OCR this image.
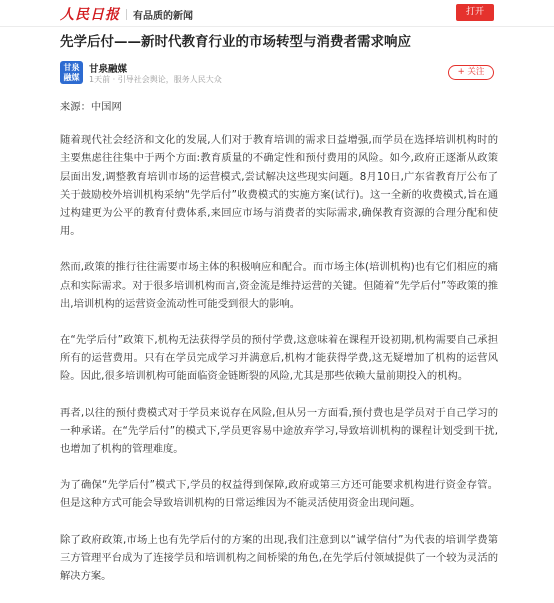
人民日报 有品质的新闻	打开
先学后付——新时代教育行业的市场转型与消费者需求响应
甘泉融媒
甘泉融媒
1天前 · 引导社会舆论，服务人民大众
+ 关注

来源：中国网

随着现代社会经济和文化的发展,人们对于教育培训的需求日益增强,而学员在选择培训机构时的主要焦虑往往集中于两个方面:教育质量的不确定性和预付费用的风险。如今,政府正逐渐从政策层面出发,调整教育培训市场的运营模式,尝试解决这些现实问题。8月10日,广东省教育厅公布了关于鼓励校外培训机构采纳“先学后付”收费模式的实施方案(试行)。这一全新的收费模式,旨在通过构建更为公平的教育付费体系,来回应市场与消费者的实际需求,确保教育资源的合理分配和使用。

然而,政策的推行往往需要市场主体的积极响应和配合。而市场主体(培训机构)也有它们相应的痛点和实际需求。对于很多培训机构而言,资金流是维持运营的关键。但随着“先学后付”等政策的推出,培训机构的运营资金流动性可能受到很大的影响。

在“先学后付”政策下,机构无法获得学员的预付学费,这意味着在课程开设初期,机构需要自己承担所有的运营费用。只有在学员完成学习并满意后,机构才能获得学费,这无疑增加了机构的运营风险。因此,很多培训机构可能面临资金链断裂的风险,尤其是那些依赖大量前期投入的机构。

再者,以往的预付费模式对于学员来说存在风险,但从另一方面看,预付费也是学员对于自己学习的一种承诺。在“先学后付”的模式下,学员更容易中途放弃学习,导致培训机构的课程计划受到干扰,也增加了机构的管理难度。

为了确保“先学后付”模式下,学员的权益得到保障,政府或第三方还可能要求机构进行资金存管。但是这种方式可能会导致培训机构的日常运维因为不能灵活使用资金出现问题。

除了政府政策,市场上也有先学后付的方案的出现,我们注意到以“诚学信付”为代表的培训学费第三方管理平台成为了连接学员和培训机构之间桥梁的角色,在先学后付领域提供了一个较为灵活的解决方案。
